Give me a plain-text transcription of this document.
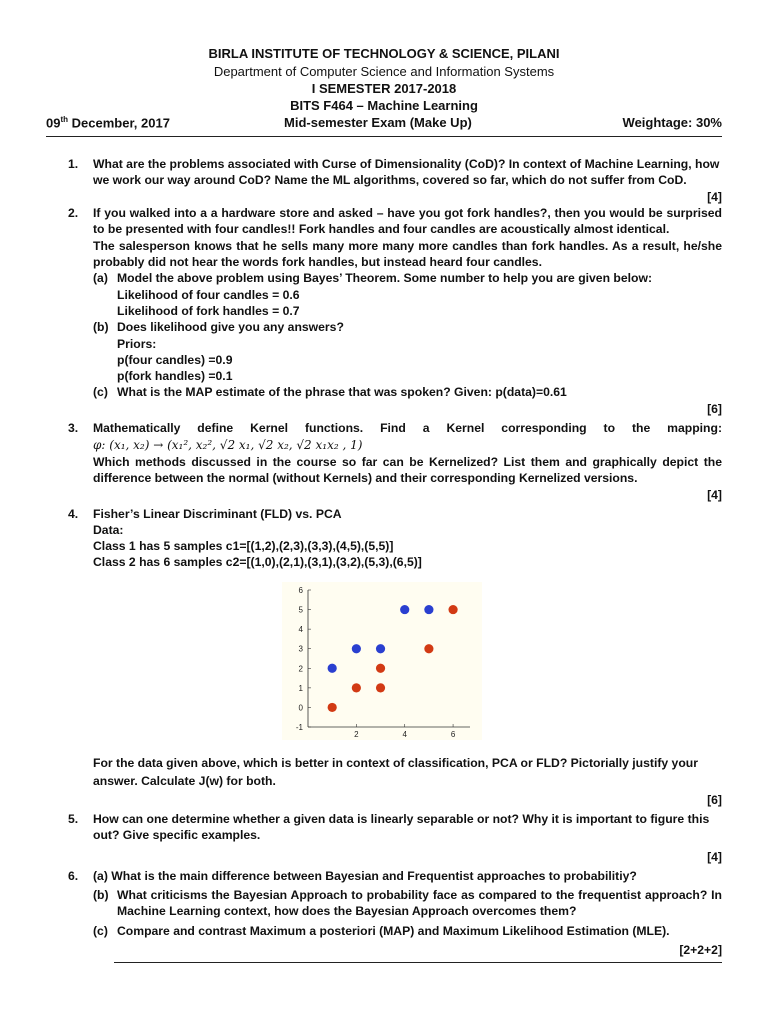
BIRLA INSTITUTE OF TECHNOLOGY & SCIENCE, PILANI
Department of Computer Science and Information Systems
I SEMESTER 2017-2018
BITS F464 – Machine Learning
09th December, 2017	Mid-semester Exam (Make Up)	Weightage: 30%
1. What are the problems associated with Curse of Dimensionality (CoD)? In context of Machine Learning, how
we work our way around CoD? Name the ML algorithms, covered so far, which do not suffer from CoD.
[4]
2. If you walked into a a hardware store and asked – have you got fork handles?, then you would be surprised to be presented with four candles!! Fork handles and four candles are acoustically almost identical.
The salesperson knows that he sells many more many more candles than fork handles. As a result, he/she probably did not hear the words fork handles, but instead heard four candles.
(a) Model the above problem using Bayes’ Theorem. Some number to help you are given below:
Likelihood of four candles = 0.6
Likelihood of fork handles = 0.7
(b) Does likelihood give you any answers?
Priors:
p(four candles) =0.9
p(fork handles) =0.1
(c) What is the MAP estimate of the phrase that was spoken? Given: p(data)=0.61
[6]
3. Mathematically define Kernel functions. Find a Kernel corresponding to the mapping:
φ: (x₁, x₂) → (x₁², x₂², √2 x₁, √2 x₂, √2 x₁x₂ , 1)
Which methods discussed in the course so far can be Kernelized? List them and graphically depict the difference between the normal (without Kernels) and their corresponding Kernelized versions.
[4]
4. Fisher’s Linear Discriminant (FLD) vs. PCA
Data:
Class 1 has 5 samples c1=[(1,2),(2,3),(3,3),(4,5),(5,5)]
Class 2 has 6 samples c2=[(1,0),(2,1),(3,1),(3,2),(5,3),(6,5)]
6
5
4
3
2
1
0
-1
2	4	6
For the data given above, which is better in context of classification, PCA or FLD? Pictorially justify your
answer. Calculate J(w) for both.
[6]
5. How can one determine whether a given data is linearly separable or not? Why it is important to figure this
out? Give specific examples.
[4]
6. (a) What is the main difference between Bayesian and Frequentist approaches to probabilitiy?
(b) What criticisms the Bayesian Approach to probability face as compared to the frequentist approach? In Machine Learning context, how does the Bayesian Approach overcomes them?
(c) Compare and contrast Maximum a posteriori (MAP) and Maximum Likelihood Estimation (MLE).
[2+2+2]
